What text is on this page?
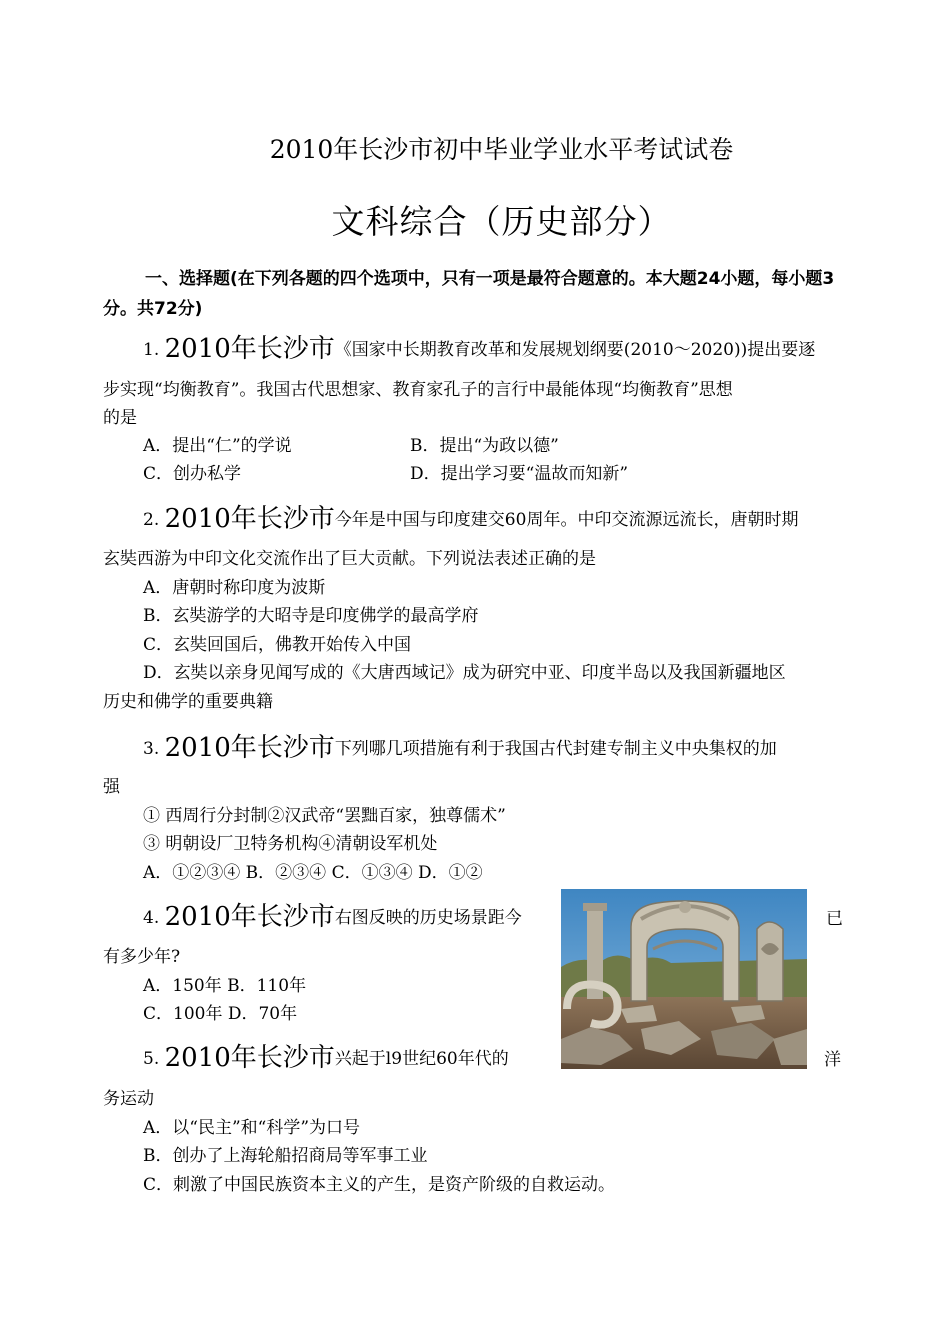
2010年长沙市初中毕业学业水平考试试卷
文科综合（历史部分）
一、选择题(在下列各题的四个选项中，只有一项是最符合题意的。本大题24小题，每小题3分。共72分)
1. 2010年长沙市《国家中长期教育改革和发展规划纲要(2010～2020))提出要逐
步实现“均衡教育”。我国古代思想家、教育家孔子的言行中最能体现“均衡教育”思想
的是
A．提出“仁”的学说	B．提出“为政以德”
C．创办私学	D．提出学习要“温故而知新”
2. 2010年长沙市今年是中国与印度建交60周年。中印交流源远流长，唐朝时期
玄奘西游为中印文化交流作出了巨大贡献。下列说法表述正确的是
A．唐朝时称印度为波斯
B．玄奘游学的大昭寺是印度佛学的最高学府
C．玄奘回国后，佛教开始传入中国
D．玄奘以亲身见闻写成的《大唐西域记》成为研究中亚、印度半岛以及我国新疆地区
历史和佛学的重要典籍
3. 2010年长沙市下列哪几项措施有利于我国古代封建专制主义中央集权的加
强
① 西周行分封制②汉武帝“罢黜百家，独尊儒术”
③ 明朝设厂卫特务机构④清朝设军机处
A．①②③④ B．②③④ C．①③④ D．①②
4. 2010年长沙市右图反映的历史场景距今	已
有多少年?
A．150年 B．110年
C．100年 D．70年
5. 2010年长沙市兴起于l9世纪60年代的	洋
务运动
A．以“民主”和“科学”为口号
B．创办了上海轮船招商局等军事工业
C．刺激了中国民族资本主义的产生，是资产阶级的自救运动。
